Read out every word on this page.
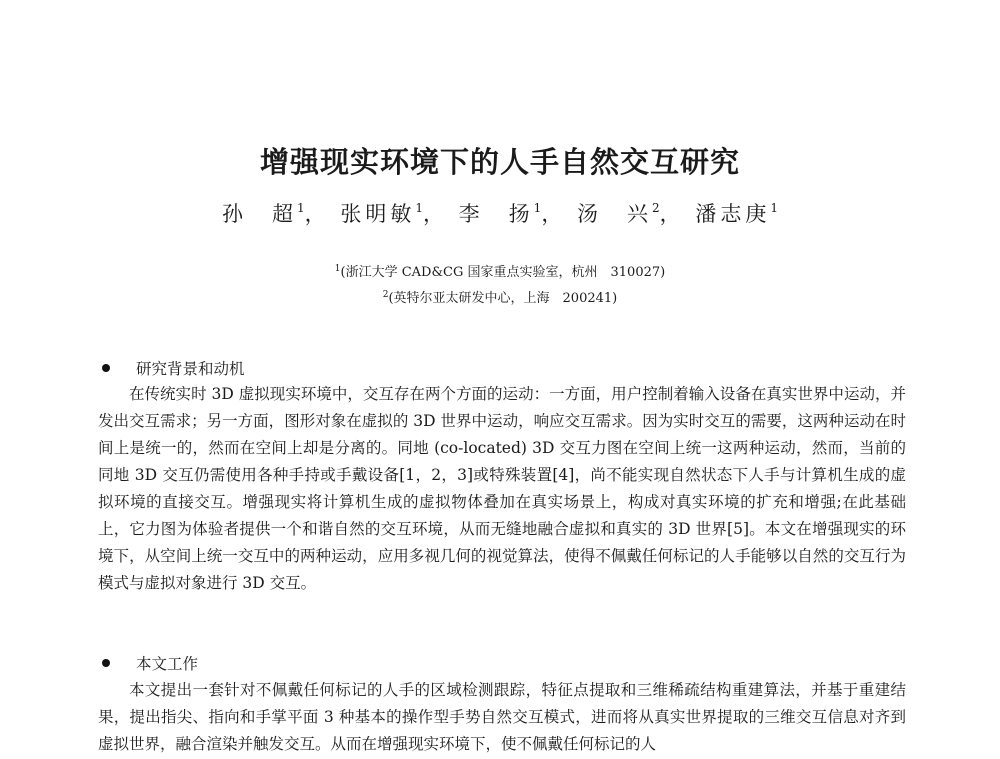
增强现实环境下的人手自然交互研究
孙　超$^1$， 张明敏$^1$， 李　扬$^1$， 汤　兴$^2$， 潘志庚$^1$
$^1$(浙江大学 CAD&CG 国家重点实验室，杭州　310027)
$^2$(英特尔亚太研发中心，上海　200241)
研究背景和动机
在传统实时 3D 虚拟现实环境中，交互存在两个方面的运动：一方面，用户控制着输入设备在真实世界中运动，并发出交互需求；另一方面，图形对象在虚拟的 3D 世界中运动，响应交互需求。因为实时交互的需要，这两种运动在时间上是统一的，然而在空间上却是分离的。同地 (co-located) 3D 交互力图在空间上统一这两种运动，然而，当前的同地 3D 交互仍需使用各种手持或手戴设备[1，2，3]或特殊装置[4]，尚不能实现自然状态下人手与计算机生成的虚拟环境的直接交互。增强现实将计算机生成的虚拟物体叠加在真实场景上，构成对真实环境的扩充和增强;在此基础上，它力图为体验者提供一个和谐自然的交互环境，从而无缝地融合虚拟和真实的 3D 世界[5]。本文在增强现实的环境下，从空间上统一交互中的两种运动，应用多视几何的视觉算法，使得不佩戴任何标记的人手能够以自然的交互行为模式与虚拟对象进行 3D 交互。
本文工作
本文提出一套针对不佩戴任何标记的人手的区域检测跟踪，特征点提取和三维稀疏结构重建算法，并基于重建结果，提出指尖、指向和手掌平面 3 种基本的操作型手势自然交互模式，进而将从真实世界提取的三维交互信息对齐到虚拟世界，融合渲染并触发交互。从而在增强现实环境下，使不佩戴任何标记的人
